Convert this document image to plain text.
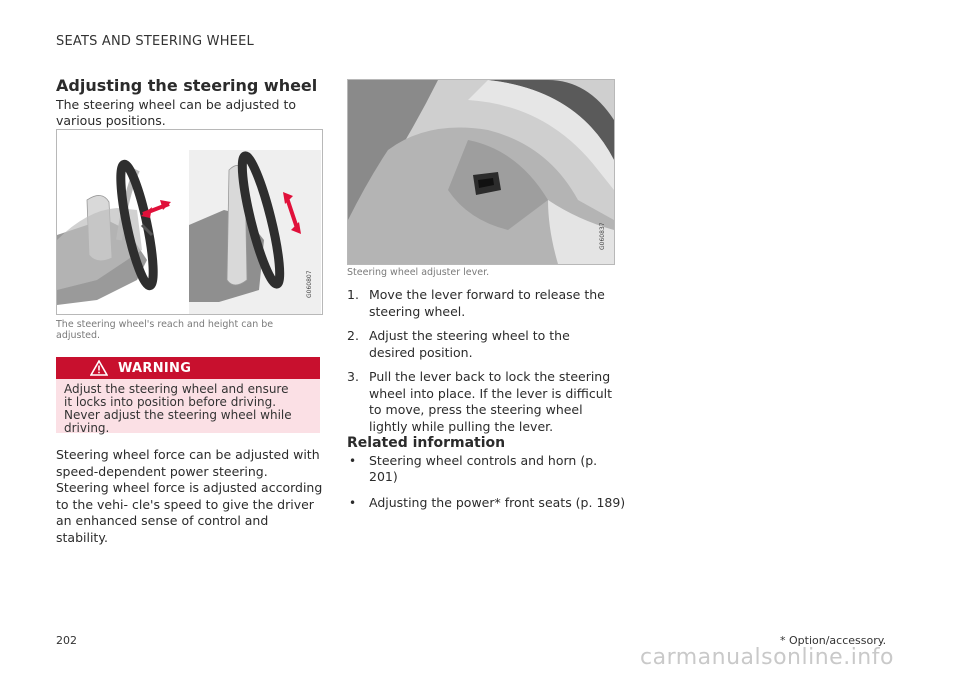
SEATS AND STEERING WHEEL
Adjusting the steering wheel
The steering wheel can be adjusted to various positions.
G060807
The steering wheel's reach and height can be adjusted.
WARNING

Adjust the steering wheel and ensure it locks into position before driving. Never adjust the steering wheel while driving.

Steering wheel force can be adjusted with speed-dependent power steering. Steering wheel force is adjusted according to the vehi- cle's speed to give the driver an enhanced sense of control and stability.
G060837
Steering wheel adjuster lever.
1. Move the lever forward to release the steering wheel.
2. Adjust the steering wheel to the desired position.
3. Pull the lever back to lock the steering wheel into place. If the lever is difficult to move, press the steering wheel lightly while pulling the lever.
Related information
• Steering wheel controls and horn (p. 201)
• Adjusting the power* front seats (p. 189)
* Option/accessory.
202
carmanualsonline.info
